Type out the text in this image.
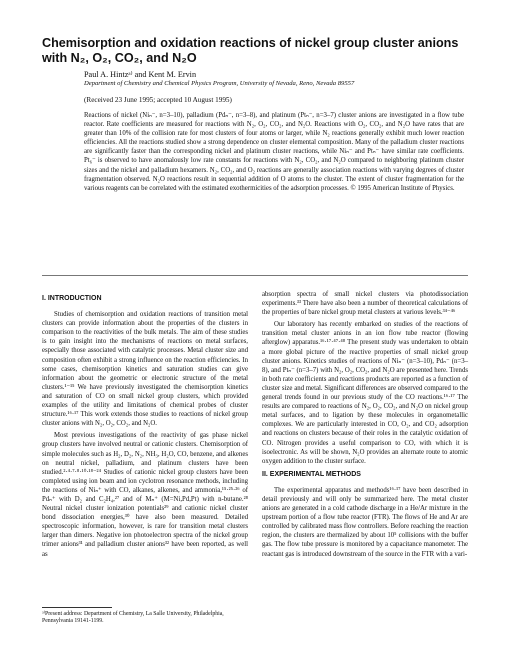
Chemisorption and oxidation reactions of nickel group cluster anions with N₂, O₂, CO₂, and N₂O
Paul A. Hintzᵃ⁾ and Kent M. Ervin
Department of Chemistry and Chemical Physics Program, University of Nevada, Reno, Nevada 89557
(Received 23 June 1995; accepted 10 August 1995)

Reactions of nickel (Niₙ⁻, n=3–10), palladium (Pdₙ⁻, n=3–8), and platinum (Ptₙ⁻, n=3–7) cluster anions are investigated in a flow tube reactor. Rate coefficients are measured for reactions with N₂, O₂, CO₂, and N₂O. Reactions with O₂, CO₂, and N₂O have rates that are greater than 10% of the collision rate for most clusters of four atoms or larger, while N₂ reactions generally exhibit much lower reaction efficiencies. All the reactions studied show a strong dependence on cluster elemental composition. Many of the palladium cluster reactions are significantly faster than the corresponding nickel and platinum cluster reactions, while Niₙ⁻ and Ptₙ⁻ have similar rate coefficients. Pt₆⁻ is observed to have anomalously low rate constants for reactions with N₂, CO₂, and N₂O compared to neighboring platinum cluster sizes and the nickel and palladium hexamers. N₂, CO₂, and O₂ reactions are generally association reactions with varying degrees of cluster fragmentation observed. N₂O reactions result in sequential addition of O atoms to the cluster. The extent of cluster fragmentation for the various reagents can be correlated with the estimated exothermicities of the adsorption processes. © 1995 American Institute of Physics.

I. INTRODUCTION

Studies of chemisorption and oxidation reactions of transition metal clusters can provide information about the properties of the clusters in comparison to the reactivities of the bulk metals. The aim of these studies is to gain insight into the mechanisms of reactions on metal surfaces, especially those associated with catalytic processes. Metal cluster size and composition often exhibit a strong influence on the reaction efficiencies. In some cases, chemisorption kinetics and saturation studies can give information about the geometric or electronic structure of the metal clusters.¹⁻¹⁵ We have previously investigated the chemisorption kinetics and saturation of CO on small nickel group clusters, which provided examples of the utility and limitations of chemical probes of cluster structure.¹⁶·¹⁷ This work extends those studies to reactions of nickel group cluster anions with N₂, O₂, CO₂, and N₂O.

Most previous investigations of the reactivity of gas phase nickel group clusters have involved neutral or cationic clusters. Chemisorption of simple molecules such as H₂, D₂, N₂, NH₃, H₂O, CO, benzene, and alkenes on neutral nickel, palladium, and platinum clusters have been studied.²·⁴·⁷·⁸·¹⁰·¹⁸⁻²⁴ Studies of cationic nickel group clusters have been completed using ion beam and ion cyclotron resonance methods, including the reactions of Niₙ⁺ with CO, alkanes, alkenes, and ammonia,¹⁵·²⁵·²⁶ of Pdₙ⁺ with D₂ and C₂H₄,²⁷ and of Mₙ⁺ (M=Ni,Pd,Pt) with n-butane.²⁸ Neutral nickel cluster ionization potentials²⁹ and cationic nickel cluster bond dissociation energies,³⁰ have also been measured. Detailed spectroscopic information, however, is rare for transition metal clusters larger than dimers. Negative ion photoelectron spectra of the nickel group trimer anions³¹ and palladium cluster anions³² have been reported, as well as

absorption spectra of small nickel clusters via photodissociation experiments.³³ There have also been a number of theoretical calculations of the properties of bare nickel group metal clusters at various levels.³⁴⁻⁴⁶

Our laboratory has recently embarked on studies of the reactions of transition metal cluster anions in an ion flow tube reactor (flowing afterglow) apparatus.¹⁶·¹⁷·⁴⁷·⁴⁸ The present study was undertaken to obtain a more global picture of the reactive properties of small nickel group cluster anions. Kinetics studies of reactions of Niₙ⁻ (n=3–10), Pdₙ⁻ (n=3–8), and Ptₙ⁻ (n=3–7) with N₂, O₂, CO₂, and N₂O are presented here. Trends in both rate coefficients and reactions products are reported as a function of cluster size and metal. Significant differences are observed compared to the general trends found in our previous study of the CO reactions.¹⁶·¹⁷ The results are compared to reactions of N₂, O₂, CO₂, and N₂O on nickel group metal surfaces, and to ligation by these molecules in organometallic complexes. We are particularly interested in CO, O₂, and CO₂ adsorption and reactions on clusters because of their roles in the catalytic oxidation of CO. Nitrogen provides a useful comparison to CO, with which it is isoelectronic. As will be shown, N₂O provides an alternate route to atomic oxygen addition to the cluster surface.

II. EXPERIMENTAL METHODS

The experimental apparatus and methods¹⁶·¹⁷ have been described in detail previously and will only be summarized here. The metal cluster anions are generated in a cold cathode discharge in a He/Ar mixture in the upstream portion of a flow tube reactor (FTR). The flows of He and Ar are controlled by calibrated mass flow controllers. Before reaching the reaction region, the clusters are thermalized by about 10⁵ collisions with the buffer gas. The flow tube pressure is monitored by a capacitance manometer. The reactant gas is introduced downstream of the source in the FTR with a vari-

ᵃ⁾Present address: Department of Chemistry, La Salle University, Philadelphia, Pennsylvania 19141-1199.
